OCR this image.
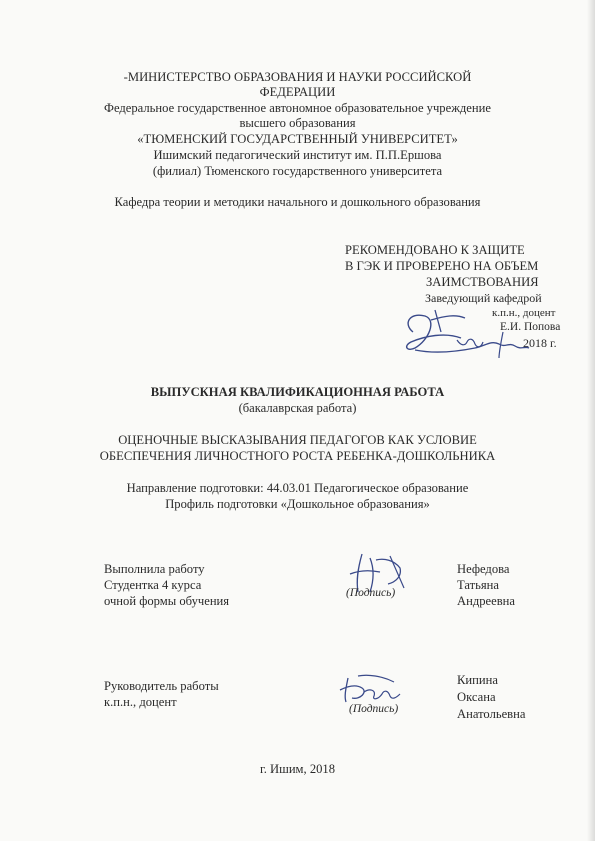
-МИНИСТЕРСТВО ОБРАЗОВАНИЯ И НАУКИ РОССИЙСКОЙ
ФЕДЕРАЦИИ
Федеральное государственное автономное образовательное учреждение
высшего образования
«ТЮМЕНСКИЙ ГОСУДАРСТВЕННЫЙ УНИВЕРСИТЕТ»
Ишимский педагогический институт им. П.П.Ершова
(филиал) Тюменского государственного университета
Кафедра теории и методики начального и дошкольного образования
РЕКОМЕНДОВАНО К ЗАЩИТЕ
В ГЭК И ПРОВЕРЕНО НА ОБЪЕМ
ЗАИМСТВОВАНИЯ
Заведующий кафедрой
к.п.н., доцент
Е.И. Попова
2018 г.
ВЫПУСКНАЯ КВАЛИФИКАЦИОННАЯ РАБОТА
(бакалаврская работа)
ОЦЕНОЧНЫЕ ВЫСКАЗЫВАНИЯ ПЕДАГОГОВ КАК УСЛОВИЕ
ОБЕСПЕЧЕНИЯ ЛИЧНОСТНОГО РОСТА РЕБЕНКА-ДОШКОЛЬНИКА
Направление подготовки: 44.03.01 Педагогическое образование
Профиль подготовки «Дошкольное образования»
Выполнила работу
Студентка 4 курса
очной формы обучения
(Подпись)
Нефедова
Татьяна
Андреевна
Руководитель работы
к.п.н., доцент	(Подпись)
Кипина
Оксана
Анатольевна
г. Ишим, 2018
